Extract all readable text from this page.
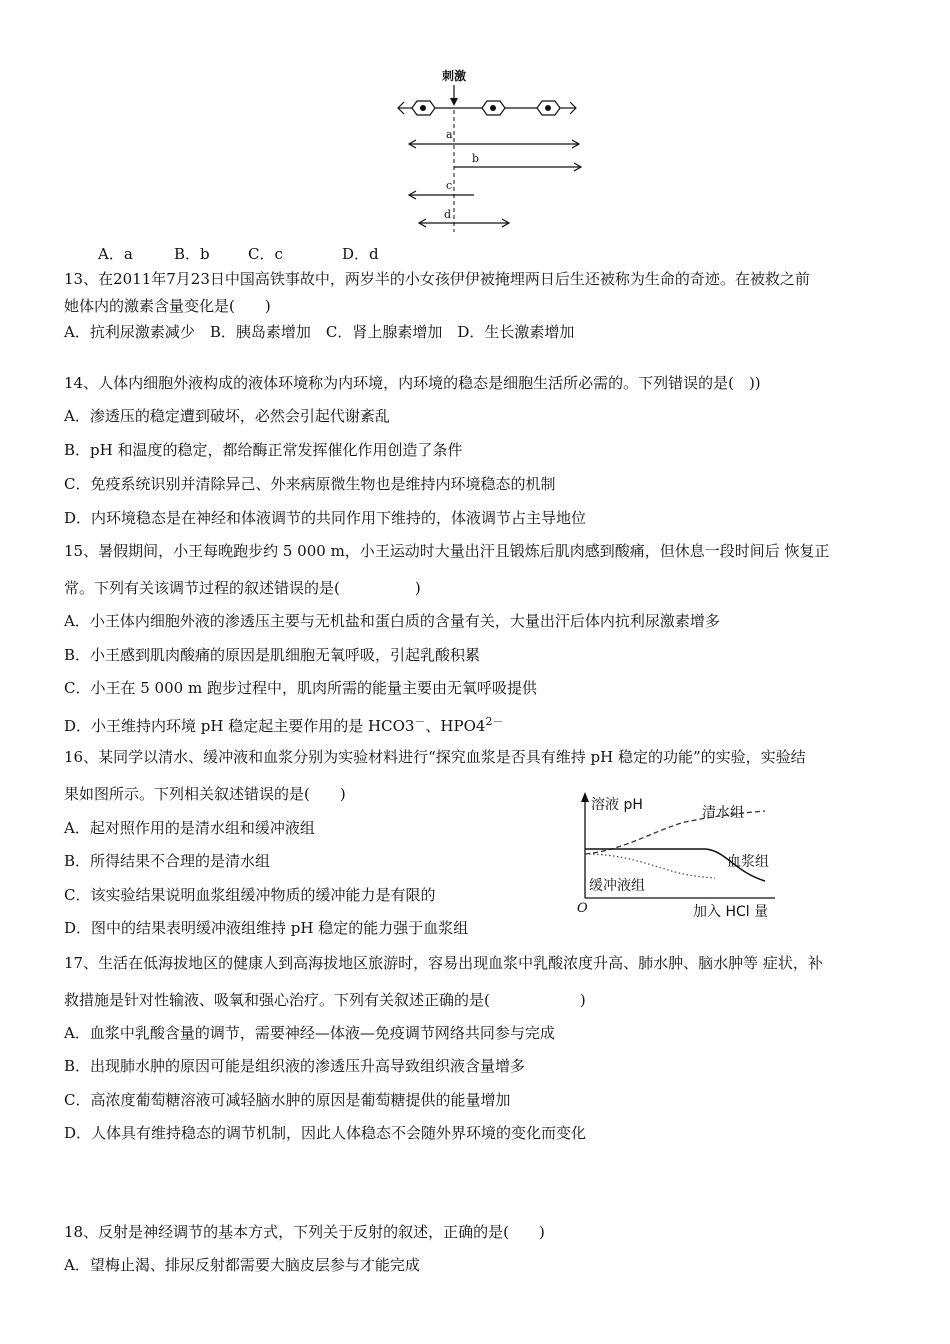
刺激
a
b
c
d
A．a	B．b	C．c	D．d
13、在2011年7月23日中国高铁事故中，两岁半的小女孩伊伊被掩埋两日后生还被称为生命的奇迹。在被救之前
她体内的激素含量变化是(　　)
A．抗利尿激素减少　B．胰岛素增加　C．肾上腺素增加　D．生长激素增加
14、人体内细胞外液构成的液体环境称为内环境，内环境的稳态是细胞生活所必需的。下列错误的是(　))
A．渗透压的稳定遭到破坏，必然会引起代谢紊乱
B．pH 和温度的稳定，都给酶正常发挥催化作用创造了条件
C．免疫系统识别并清除异己、外来病原微生物也是维持内环境稳态的机制
D．内环境稳态是在神经和体液调节的共同作用下维持的，体液调节占主导地位
15、暑假期间，小王每晚跑步约 5 000 m，小王运动时大量出汗且锻炼后肌肉感到酸痛，但休息一段时间后 恢复正
常。下列有关该调节过程的叙述错误的是(　　　　　)
A．小王体内细胞外液的渗透压主要与无机盐和蛋白质的含量有关，大量出汗后体内抗利尿激素增多
B．小王感到肌肉酸痛的原因是肌细胞无氧呼吸，引起乳酸积累
C．小王在 5 000 m 跑步过程中，肌肉所需的能量主要由无氧呼吸提供
D．小王维持内环境 pH 稳定起主要作用的是 HCO3－、$HPO4^{2-}$
16、某同学以清水、缓冲液和血浆分别为实验材料进行“探究血浆是否具有维持 pH 稳定的功能”的实验，实验结
果如图所示。下列相关叙述错误的是(　　)
A．起对照作用的是清水组和缓冲液组
B．所得结果不合理的是清水组
C．该实验结果说明血浆组缓冲物质的缓冲能力是有限的
D．图中的结果表明缓冲液组维持 pH 稳定的能力强于血浆组
溶液 pH
O	加入 HCl 量
清水组
血浆组
缓冲液组
17、生活在低海拔地区的健康人到高海拔地区旅游时，容易出现血浆中乳酸浓度升高、肺水肿、脑水肿等 症状，补
救措施是针对性输液、吸氧和强心治疗。下列有关叙述正确的是(　　　　　　)
A．血浆中乳酸含量的调节，需要神经—体液—免疫调节网络共同参与完成
B．出现肺水肿的原因可能是组织液的渗透压升高导致组织液含量增多
C．高浓度葡萄糖溶液可减轻脑水肿的原因是葡萄糖提供的能量增加
D．人体具有维持稳态的调节机制，因此人体稳态不会随外界环境的变化而变化
18、反射是神经调节的基本方式，下列关于反射的叙述，正确的是(　　)
A．望梅止渴、排尿反射都需要大脑皮层参与才能完成
